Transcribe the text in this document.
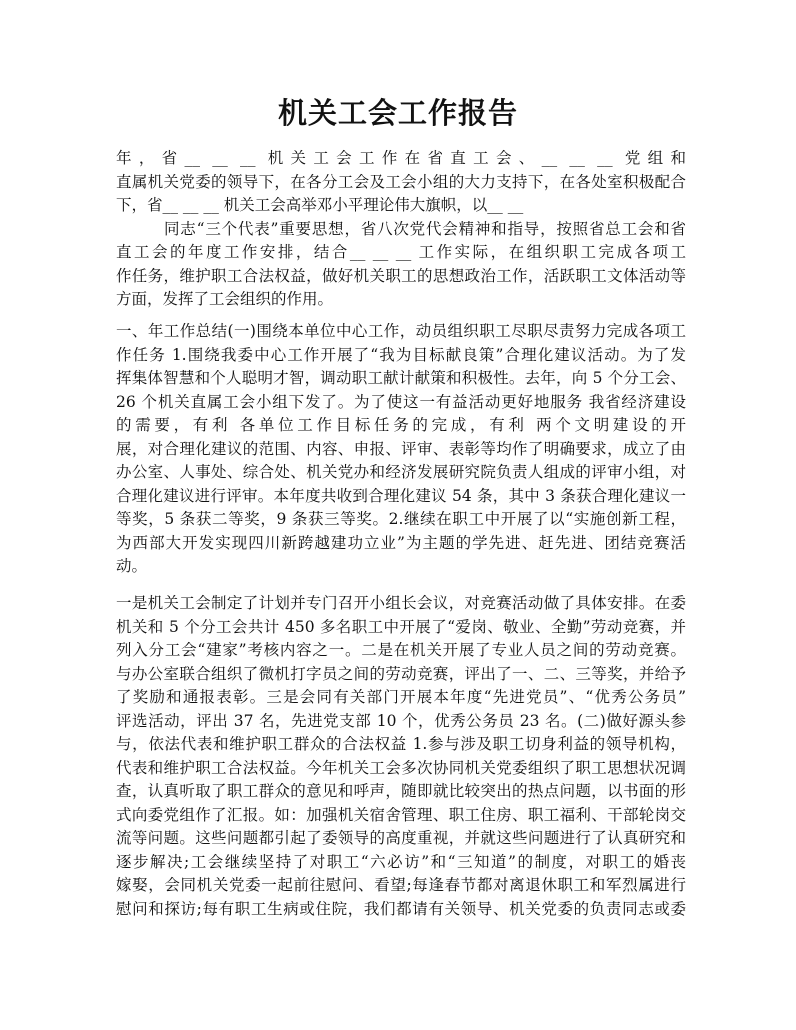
机关工会工作报告
年，省__ __ __ 机关工会工作在省直工会、__ __ __ 党组和
直属机关党委的领导下，在各分工会及工会小组的大力支持下，在各处室积极配合
下，省__ __ __ 机关工会高举邓小平理论伟大旗帜，以__ __
同志“三个代表”重要思想，省八次党代会精神和指导，按照省总工会和省
直工会的年度工作安排，结合__ __ __ 工作实际，在组织职工完成各项工
作任务，维护职工合法权益，做好机关职工的思想政治工作，活跃职工文体活动等
方面，发挥了工会组织的作用。
一、年工作总结(一)围绕本单位中心工作，动员组织职工尽职尽责努力完成各项工
作任务 1.围绕我委中心工作开展了“我为目标献良策”合理化建议活动。为了发
挥集体智慧和个人聪明才智，调动职工献计献策和积极性。去年，向 5 个分工会、
26 个机关直属工会小组下发了。为了使这一有益活动更好地服务 我省经济建设
的需要，有利 各单位工作目标任务的完成，有利 两个文明建设的开
展，对合理化建议的范围、内容、申报、评审、表彰等均作了明确要求，成立了由
办公室、人事处、综合处、机关党办和经济发展研究院负责人组成的评审小组，对
合理化建议进行评审。本年度共收到合理化建议 54 条，其中 3 条获合理化建议一
等奖，5 条获二等奖，9 条获三等奖。2.继续在职工中开展了以“实施创新工程，
为西部大开发实现四川新跨越建功立业”为主题的学先进、赶先进、团结竞赛活
动。
一是机关工会制定了计划并专门召开小组长会议，对竞赛活动做了具体安排。在委
机关和 5 个分工会共计 450 多名职工中开展了“爱岗、敬业、全勤”劳动竞赛，并
列入分工会“建家”考核内容之一。二是在机关开展了专业人员之间的劳动竞赛。
与办公室联合组织了微机打字员之间的劳动竞赛，评出了一、二、三等奖，并给予
了奖励和通报表彰。三是会同有关部门开展本年度“先进党员”、“优秀公务员”
评选活动，评出 37 名，先进党支部 10 个，优秀公务员 23 名。(二)做好源头参
与，依法代表和维护职工群众的合法权益 1.参与涉及职工切身利益的领导机构，
代表和维护职工合法权益。今年机关工会多次协同机关党委组织了职工思想状况调
查，认真听取了职工群众的意见和呼声，随即就比较突出的热点问题，以书面的形
式向委党组作了汇报。如：加强机关宿舍管理、职工住房、职工福利、干部轮岗交
流等问题。这些问题都引起了委领导的高度重视，并就这些问题进行了认真研究和
逐步解决;工会继续坚持了对职工“六必访”和“三知道”的制度，对职工的婚丧
嫁娶，会同机关党委一起前往慰问、看望;每逢春节都对离退休职工和军烈属进行
慰问和探访;每有职工生病或住院，我们都请有关领导、机关党委的负责同志或委
